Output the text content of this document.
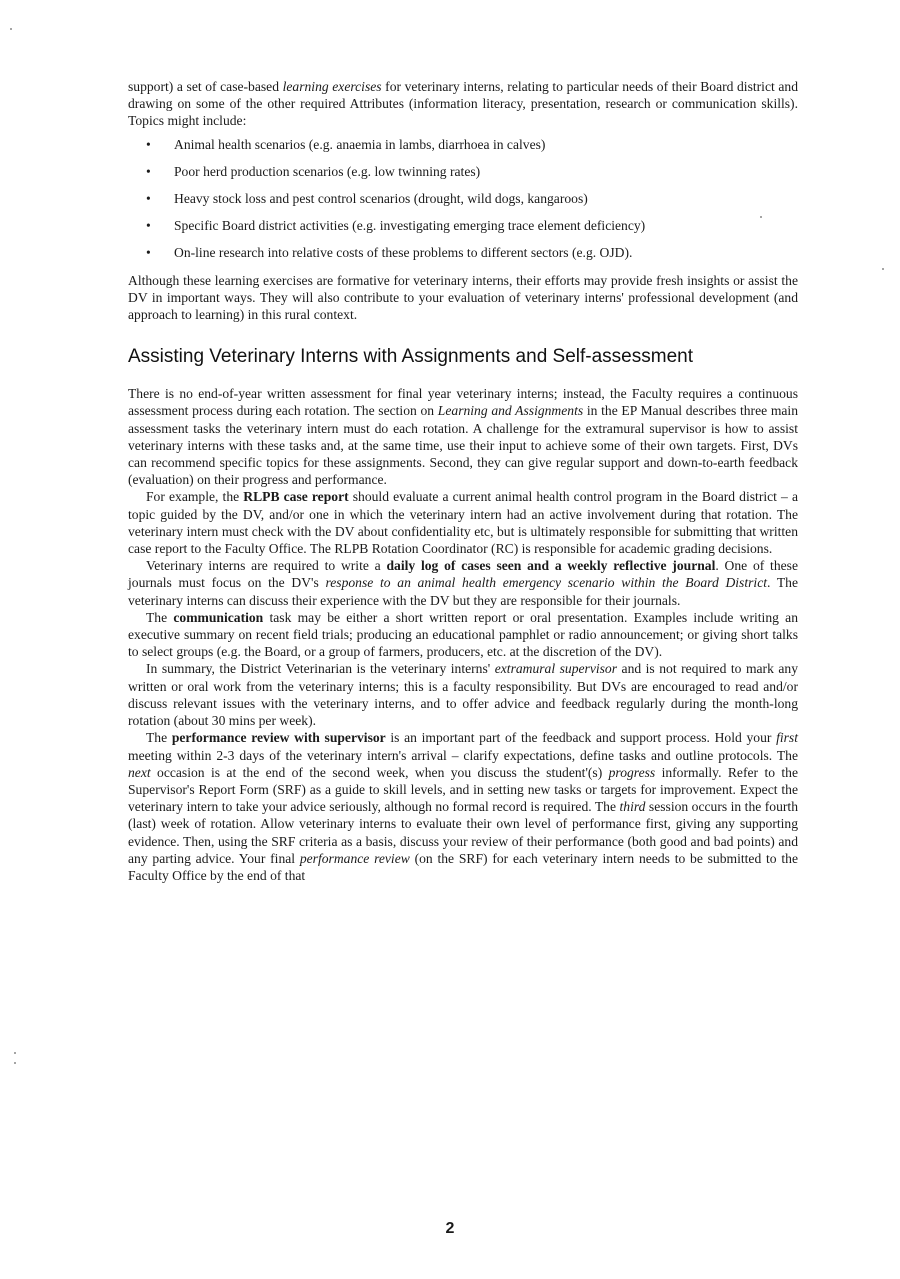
support) a set of case-based learning exercises for veterinary interns, relating to particular needs of their Board district and drawing on some of the other required Attributes (information literacy, presentation, research or communication skills). Topics might include:

• Animal health scenarios (e.g. anaemia in lambs, diarrhoea in calves)
• Poor herd production scenarios (e.g. low twinning rates)
• Heavy stock loss and pest control scenarios (drought, wild dogs, kangaroos)
• Specific Board district activities (e.g. investigating emerging trace element deficiency)
• On-line research into relative costs of these problems to different sectors (e.g. OJD).

Although these learning exercises are formative for veterinary interns, their efforts may provide fresh insights or assist the DV in important ways. They will also contribute to your evaluation of veterinary interns' professional development (and approach to learning) in this rural context.

Assisting Veterinary Interns with Assignments and Self-assessment

There is no end-of-year written assessment for final year veterinary interns; instead, the Faculty requires a continuous assessment process during each rotation. The section on Learning and Assignments in the EP Manual describes three main assessment tasks the veterinary intern must do each rotation. A challenge for the extramural supervisor is how to assist veterinary interns with these tasks and, at the same time, use their input to achieve some of their own targets. First, DVs can recommend specific topics for these assignments. Second, they can give regular support and down-to-earth feedback (evaluation) on their progress and performance.

For example, the RLPB case report should evaluate a current animal health control program in the Board district – a topic guided by the DV, and/or one in which the veterinary intern had an active involvement during that rotation. The veterinary intern must check with the DV about confidentiality etc, but is ultimately responsible for submitting that written case report to the Faculty Office. The RLPB Rotation Coordinator (RC) is responsible for academic grading decisions.

Veterinary interns are required to write a daily log of cases seen and a weekly reflective journal. One of these journals must focus on the DV's response to an animal health emergency scenario within the Board District. The veterinary interns can discuss their experience with the DV but they are responsible for their journals.

The communication task may be either a short written report or oral presentation. Examples include writing an executive summary on recent field trials; producing an educational pamphlet or radio announcement; or giving short talks to select groups (e.g. the Board, or a group of farmers, producers, etc. at the discretion of the DV).

In summary, the District Veterinarian is the veterinary interns' extramural supervisor and is not required to mark any written or oral work from the veterinary interns; this is a faculty responsibility. But DVs are encouraged to read and/or discuss relevant issues with the veterinary interns, and to offer advice and feedback regularly during the month-long rotation (about 30 mins per week).

The performance review with supervisor is an important part of the feedback and support process. Hold your first meeting within 2-3 days of the veterinary intern's arrival – clarify expectations, define tasks and outline protocols. The next occasion is at the end of the second week, when you discuss the student'(s) progress informally. Refer to the Supervisor's Report Form (SRF) as a guide to skill levels, and in setting new tasks or targets for improvement. Expect the veterinary intern to take your advice seriously, although no formal record is required. The third session occurs in the fourth (last) week of rotation. Allow veterinary interns to evaluate their own level of performance first, giving any supporting evidence. Then, using the SRF criteria as a basis, discuss your review of their performance (both good and bad points) and any parting advice. Your final performance review (on the SRF) for each veterinary intern needs to be submitted to the Faculty Office by the end of that

2
